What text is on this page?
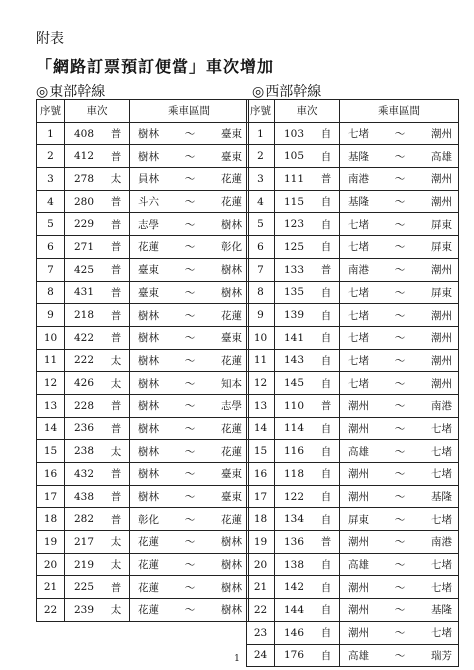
附表
「網路訂票預訂便當」車次增加
◎東部幹線	◎西部幹線
序號	車次		乘車區間
1	408	普	樹林 ～ 臺東

2	412	普	樹林 ～ 臺東

3	278	太	員林 ～ 花蓮

4	280	普	斗六 ～ 花蓮

5	229	普	志學 ～ 樹林

6	271	普	花蓮 ～ 彰化

7	425	普	臺東 ～ 樹林

8	431	普	臺東 ～ 樹林

9	218	普	樹林 ～ 花蓮

10	422	普	樹林 ～ 臺東

11	222	太	樹林 ～ 花蓮

12	426	太	樹林 ～ 知本

13	228	普	樹林 ～ 志學

14	236	普	樹林 ～ 花蓮

15	238	太	樹林 ～ 花蓮

16	432	普	樹林 ～ 臺東

17	438	普	樹林 ～ 臺東

18	282	普	彰化 ～ 花蓮

19	217	太	花蓮 ～ 樹林

20	219	太	花蓮 ～ 樹林

21	225	普	花蓮 ～ 樹林

22	239	太	花蓮 ～ 樹林
序號	車次		乘車區間
1	103	自	七堵 ～ 潮州

2	105	自	基隆 ～ 高雄

3	111	普	南港 ～ 潮州

4	115	自	基隆 ～ 潮州

5	123	自	七堵 ～ 屏東

6	125	自	七堵 ～ 屏東

7	133	普	南港 ～ 潮州

8	135	自	七堵 ～ 屏東

9	139	自	七堵 ～ 潮州

10	141	自	七堵 ～ 潮州

11	143	自	七堵 ～ 潮州

12	145	自	七堵 ～ 潮州

13	110	普	潮州 ～ 南港

14	114	自	潮州 ～ 七堵

15	116	自	高雄 ～ 七堵

16	118	自	潮州 ～ 七堵

17	122	自	潮州 ～ 基隆

18	134	自	屏東 ～ 七堵

19	136	普	潮州 ～ 南港

20	138	自	高雄 ～ 七堵

21	142	自	潮州 ～ 七堵

22	144	自	潮州 ～ 基隆

23	146	自	潮州 ～ 七堵

24	176	自	高雄 ～ 瑞芳
1
